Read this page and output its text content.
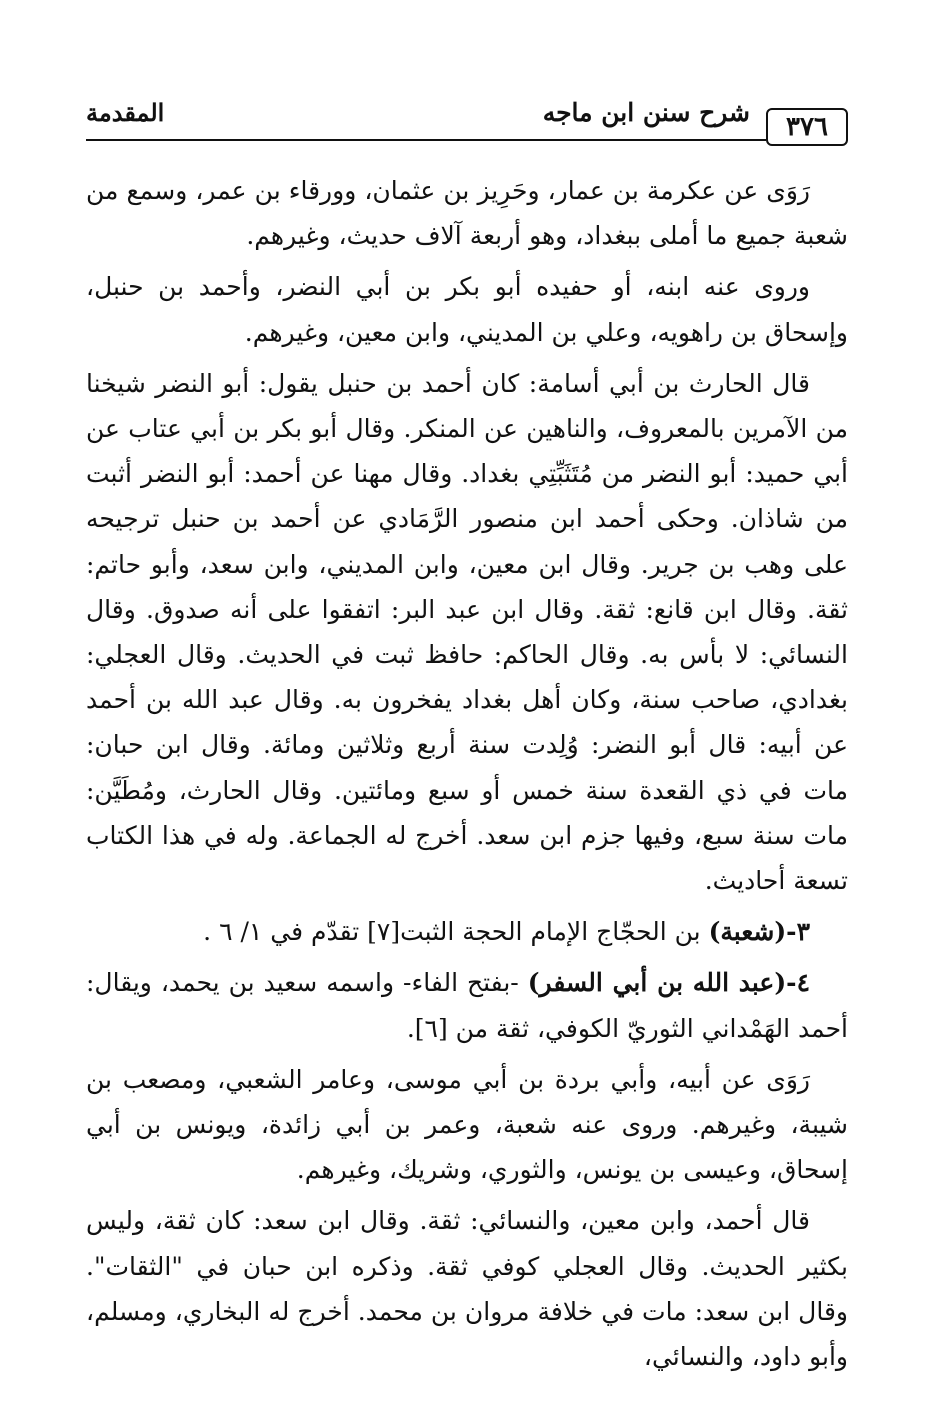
٣٧٦
شرح سنن ابن ماجه
المقدمة

رَوَى عن عكرمة بن عمار، وحَرِيز بن عثمان، وورقاء بن عمر، وسمع من شعبة جميع ما أملى ببغداد، وهو أربعة آلاف حديث، وغيرهم.

وروى عنه ابنه، أو حفيده أبو بكر بن أبي النضر، وأحمد بن حنبل، وإسحاق بن راهويه، وعلي بن المديني، وابن معين، وغيرهم.

قال الحارث بن أبي أسامة: كان أحمد بن حنبل يقول: أبو النضر شيخنا من الآمرين بالمعروف، والناهين عن المنكر. وقال أبو بكر بن أبي عتاب عن أبي حميد: أبو النضر من مُتَثَبِّتِي بغداد. وقال مهنا عن أحمد: أبو النضر أثبت من شاذان. وحكى أحمد ابن منصور الرَّمَادي عن أحمد بن حنبل ترجيحه على وهب بن جرير. وقال ابن معين، وابن المديني، وابن سعد، وأبو حاتم: ثقة. وقال ابن قانع: ثقة. وقال ابن عبد البر: اتفقوا على أنه صدوق. وقال النسائي: لا بأس به. وقال الحاكم: حافظ ثبت في الحديث. وقال العجلي: بغدادي، صاحب سنة، وكان أهل بغداد يفخرون به. وقال عبد الله بن أحمد عن أبيه: قال أبو النضر: وُلِدت سنة أربع وثلاثين ومائة. وقال ابن حبان: مات في ذي القعدة سنة خمس أو سبع ومائتين. وقال الحارث، ومُطَيَّن: مات سنة سبع، وفيها جزم ابن سعد. أخرج له الجماعة. وله في هذا الكتاب تسعة أحاديث.

٣-(شعبة) بن الحجّاج الإمام الحجة الثبت[٧] تقدّم في ١/ ٦ .

٤-(عبد الله بن أبي السفر) -بفتح الفاء- واسمه سعيد بن يحمد، ويقال: أحمد الهَمْداني الثوريّ الكوفي، ثقة من [٦].

رَوَى عن أبيه، وأبي بردة بن أبي موسى، وعامر الشعبي، ومصعب بن شيبة، وغيرهم. وروى عنه شعبة، وعمر بن أبي زائدة، ويونس بن أبي إسحاق، وعيسى بن يونس، والثوري، وشريك، وغيرهم.

قال أحمد، وابن معين، والنسائي: ثقة. وقال ابن سعد: كان ثقة، وليس بكثير الحديث. وقال العجلي كوفي ثقة. وذكره ابن حبان في "الثقات". وقال ابن سعد: مات في خلافة مروان بن محمد. أخرج له البخاري، ومسلم، وأبو داود، والنسائي،
